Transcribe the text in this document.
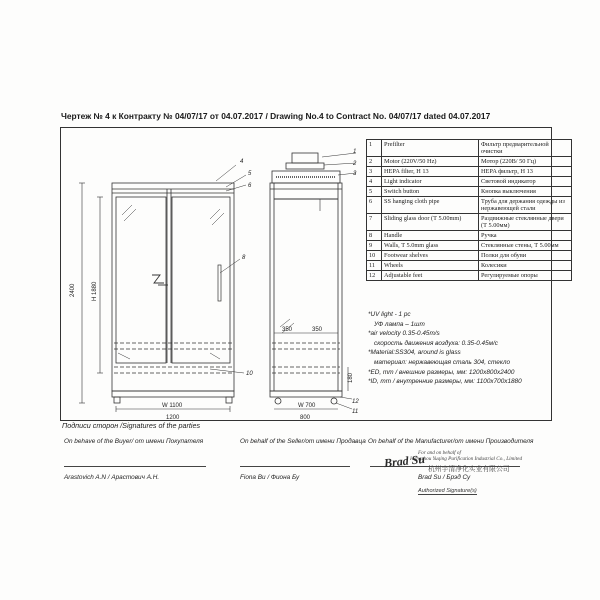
Чертеж № 4 к Контракту № 04/07/17 от 04.07.2017 / Drawing No.4 to Contract No. 04/07/17 dated 04.07.2017
2400	H 1880
W 1100
1200
W 700
800
350	350
180
4
5
6
8
10
1
2
3
12
11
1	Prefilter	Фильтр предварительной очистки
2	Motor (220V/50 Hz)	Мотор (220В/ 50 Гц)
3	HEPA filter, H 13	HEPA фильтр, H 13
4	Light indicator	Световой индикатор
5	Switch button	Кнопка выключения
6	SS hanging cloth pipe	Труба для держания одежды из нержавеющей стали
7	Sliding glass door (T 5.00mm)	Раздвижные стеклянные двери (Т 5.00мм)
8	Handle	Ручка
9	Walls, T 5.0mm glass	Стеклянные стены, Т 5.00мм
10	Footwear shelves	Полки для обуви
11	Wheels	Колесики
12	Adjustable feet	Регулируемые опоры
*UV light - 1 pc
УФ лампа – 1шт
*air velocity 0.35-0.45m/s
скорость движения воздуха: 0.35-0.45м/с
*Material:SS304, around is glass
материал: нержавеющая сталь 304, стекло
*ED, mm / внешние размеры, мм: 1200х800х2400
*ID, mm / внутренние размеры, мм: 1100х700х1880
Подписи сторон /Signatures of the parties
On behave of the Buyer/ от имени Покупателя	On behalf of the Seller/от имени Продавца On behalf of the Manufacturer/от имени Производителя
Arastovich A.N / Арастович А.Н.	Fiona Bu / Фиона Бу	Brad Su / Брэд Су
For and on behalf of
Hangzhou Yuqing Purification Industrial Co., Limited
杭州宇清净化实业有限公司
Brad Su
Authorized Signature(s)
